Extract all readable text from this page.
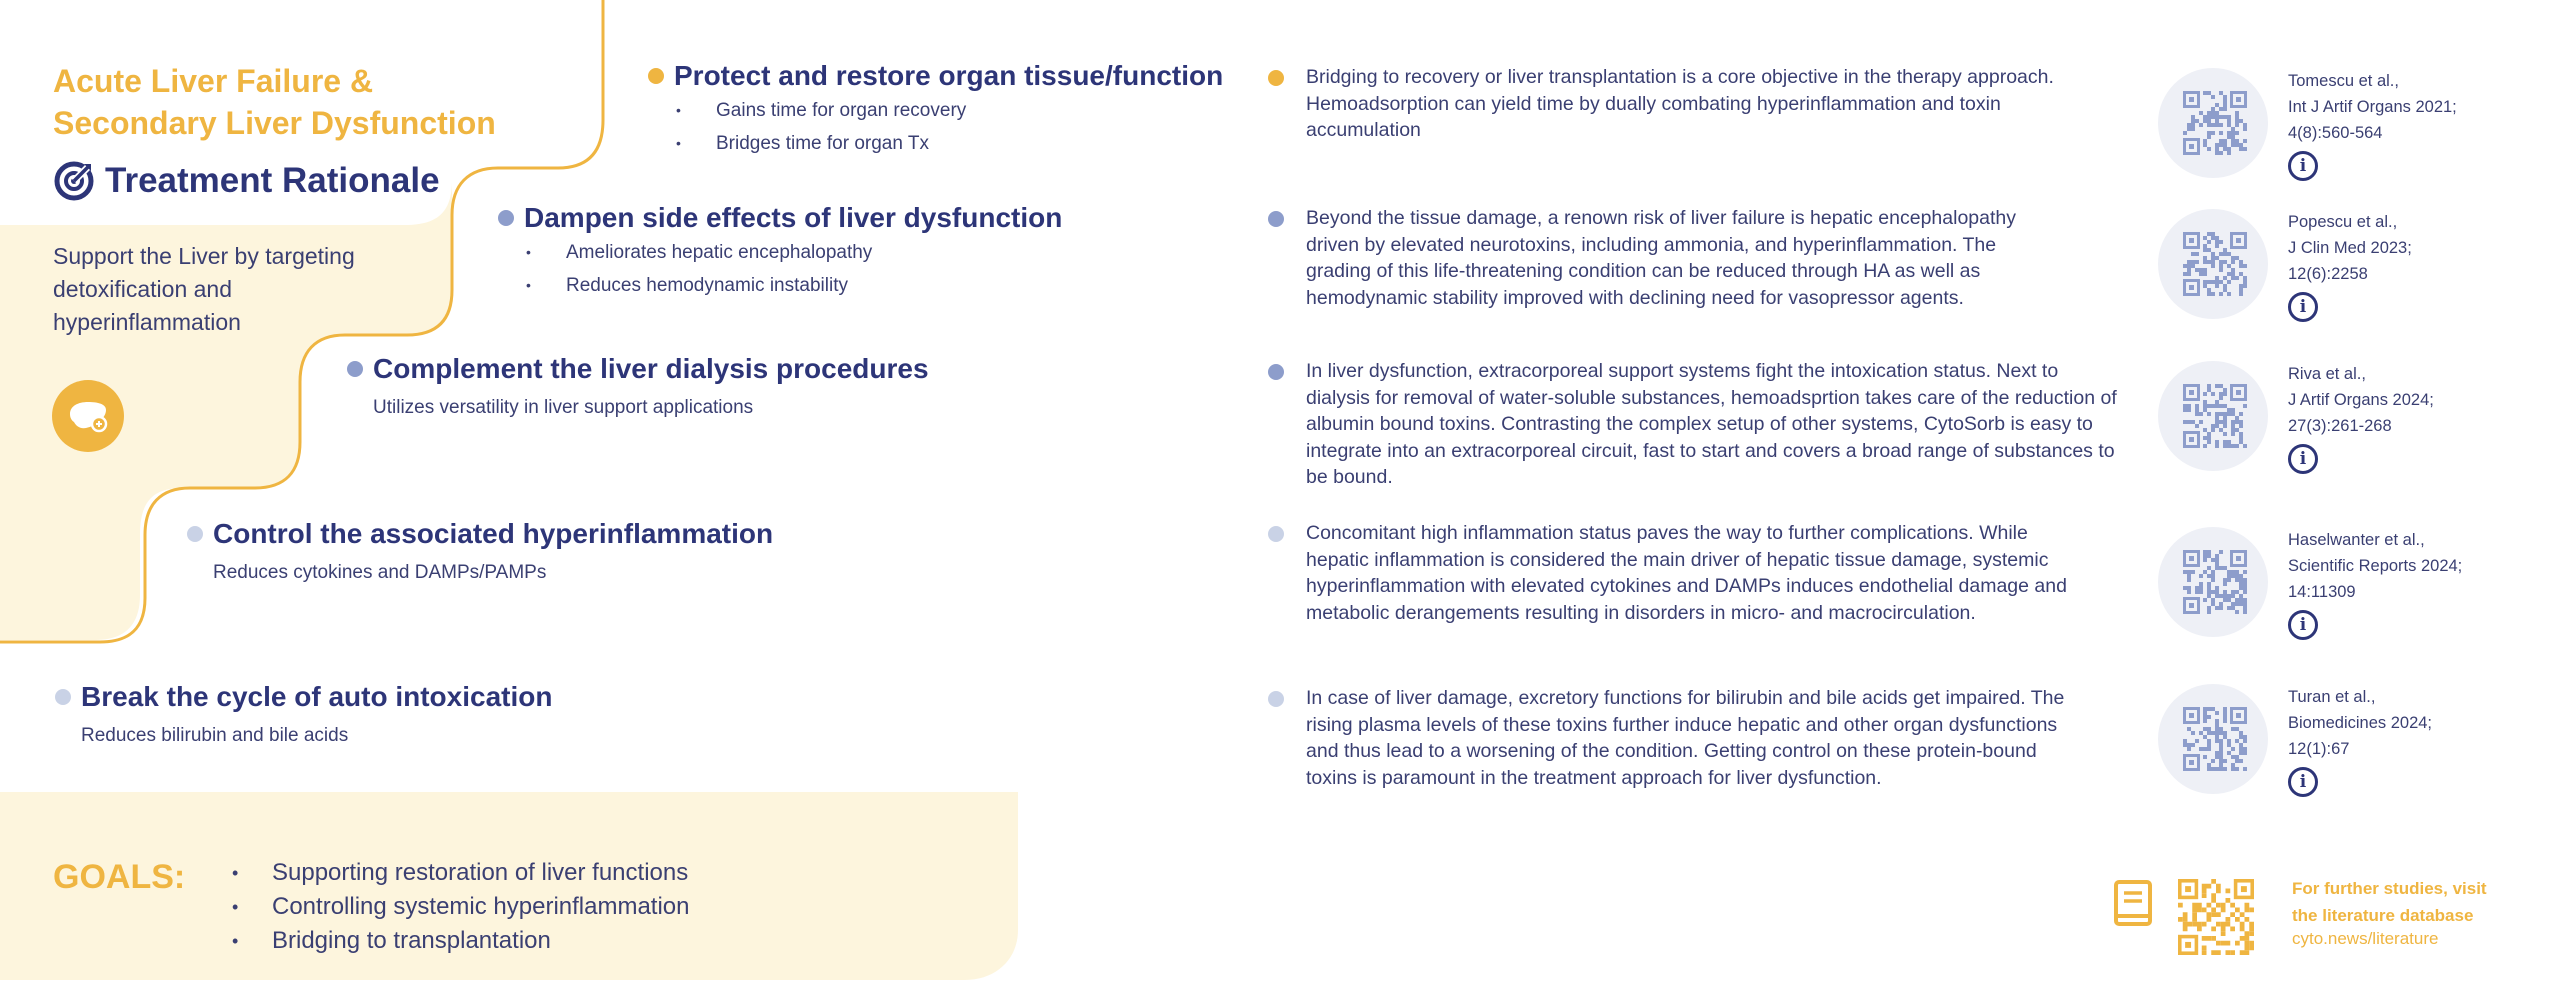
Acute Liver Failure &
Secondary Liver Dysfunction
Treatment Rationale
Support the Liver by targeting detoxification and hyperinflammation
Protect and restore organ tissue/function
• Gains time for organ recovery
• Bridges time for organ Tx
Dampen side effects of liver dysfunction
• Ameliorates hepatic encephalopathy
• Reduces hemodynamic instability
Complement the liver dialysis procedures
Utilizes versatility in liver support applications
Control the associated hyperinflammation
Reduces cytokines and DAMPs/PAMPs
Break the cycle of auto intoxication
Reduces bilirubin and bile acids
Bridging to recovery or liver transplantation is a core objective in the therapy approach. Hemoadsorption can yield time by dually combating hyperinflammation and toxin accumulation
Beyond the tissue damage, a renown risk of liver failure is hepatic encephalopathy driven by elevated neurotoxins, including ammonia, and hyperinflammation. The grading of this life-threatening condition can be reduced through HA as well as hemodynamic stability improved with declining need for vasopressor agents.
In liver dysfunction, extracorporeal support systems fight the intoxication status. Next to dialysis for removal of water-soluble substances, hemoadsprtion takes care of the reduction of albumin bound toxins. Contrasting the complex setup of other systems, CytoSorb is easy to integrate into an extracorporeal circuit, fast to start and covers a broad range of substances to be bound.
Concomitant high inflammation status paves the way to further complications. While hepatic inflammation is considered the main driver of hepatic tissue damage, systemic hyperinflammation with elevated cytokines and DAMPs induces endothelial damage and metabolic derangements resulting in disorders in micro- and macrocirculation.
In case of liver damage, excretory functions for bilirubin and bile acids get impaired. The rising plasma levels of these toxins further induce hepatic and other organ dysfunctions and thus lead to a worsening of the condition. Getting control on these protein-bound toxins is paramount in the treatment approach for liver dysfunction.
Tomescu et al.,
Int J Artif Organs 2021;
4(8):560-564
i
Popescu et al.,
J Clin Med 2023;
12(6):2258
i
Riva et al.,
J Artif Organs 2024;
27(3):261-268
i
Haselwanter et al.,
Scientific Reports 2024;
14:11309
i
Turan et al.,
Biomedicines 2024;
12(1):67
i
GOALS:
•	Supporting restoration of liver functions
• Controlling systemic hyperinflammation
• Bridging to transplantation
For further studies, visit
the literature database
cyto.news/literature
